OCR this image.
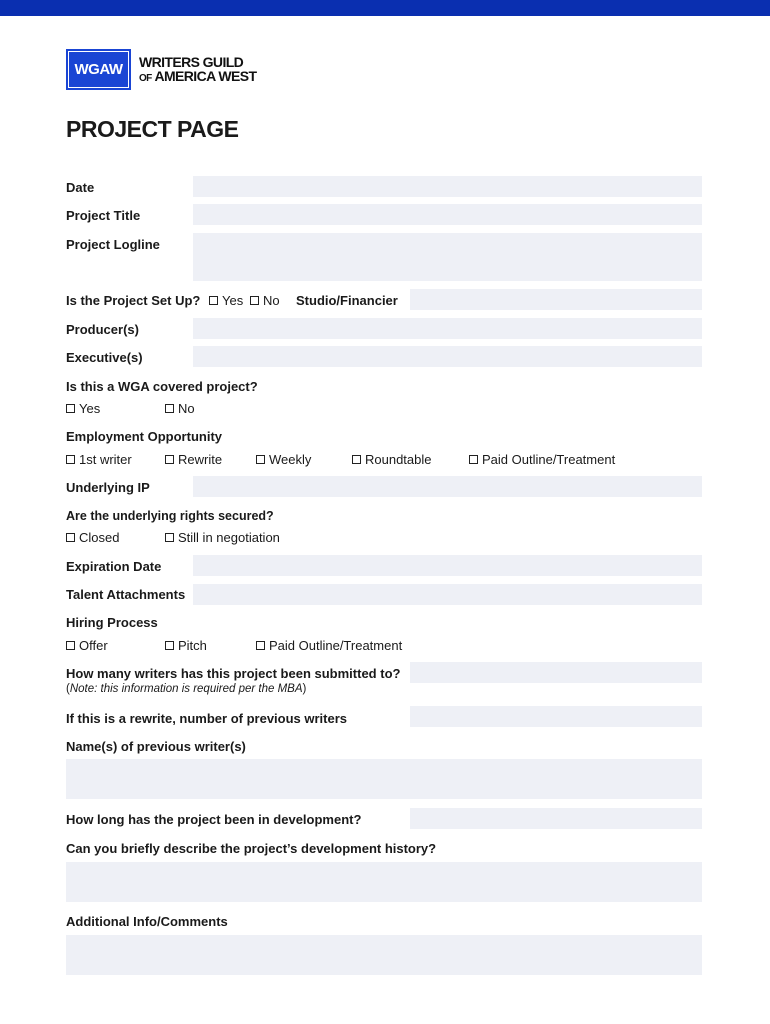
WGAW	WRITERS GUILD
OF AMERICA WEST
PROJECT PAGE
Date
Project Title
Project Logline
Is the Project Set Up?	Yes	No Studio/Financier
Producer(s)
Executive(s)
Is this a WGA covered project?
Yes	No
Employment Opportunity
1st writer	Rewrite	Weekly	Roundtable	Paid Outline/Treatment
Underlying IP
Are the underlying rights secured?
Closed	Still in negotiation
Expiration Date
Talent Attachments
Hiring Process
Offer	Pitch	Paid Outline/Treatment
How many writers has this project been submitted to?
(Note: this information is required per the MBA)
If this is a rewrite, number of previous writers
Name(s) of previous writer(s)
How long has the project been in development?
Can you briefly describe the project’s development history?
Additional Info/Comments
